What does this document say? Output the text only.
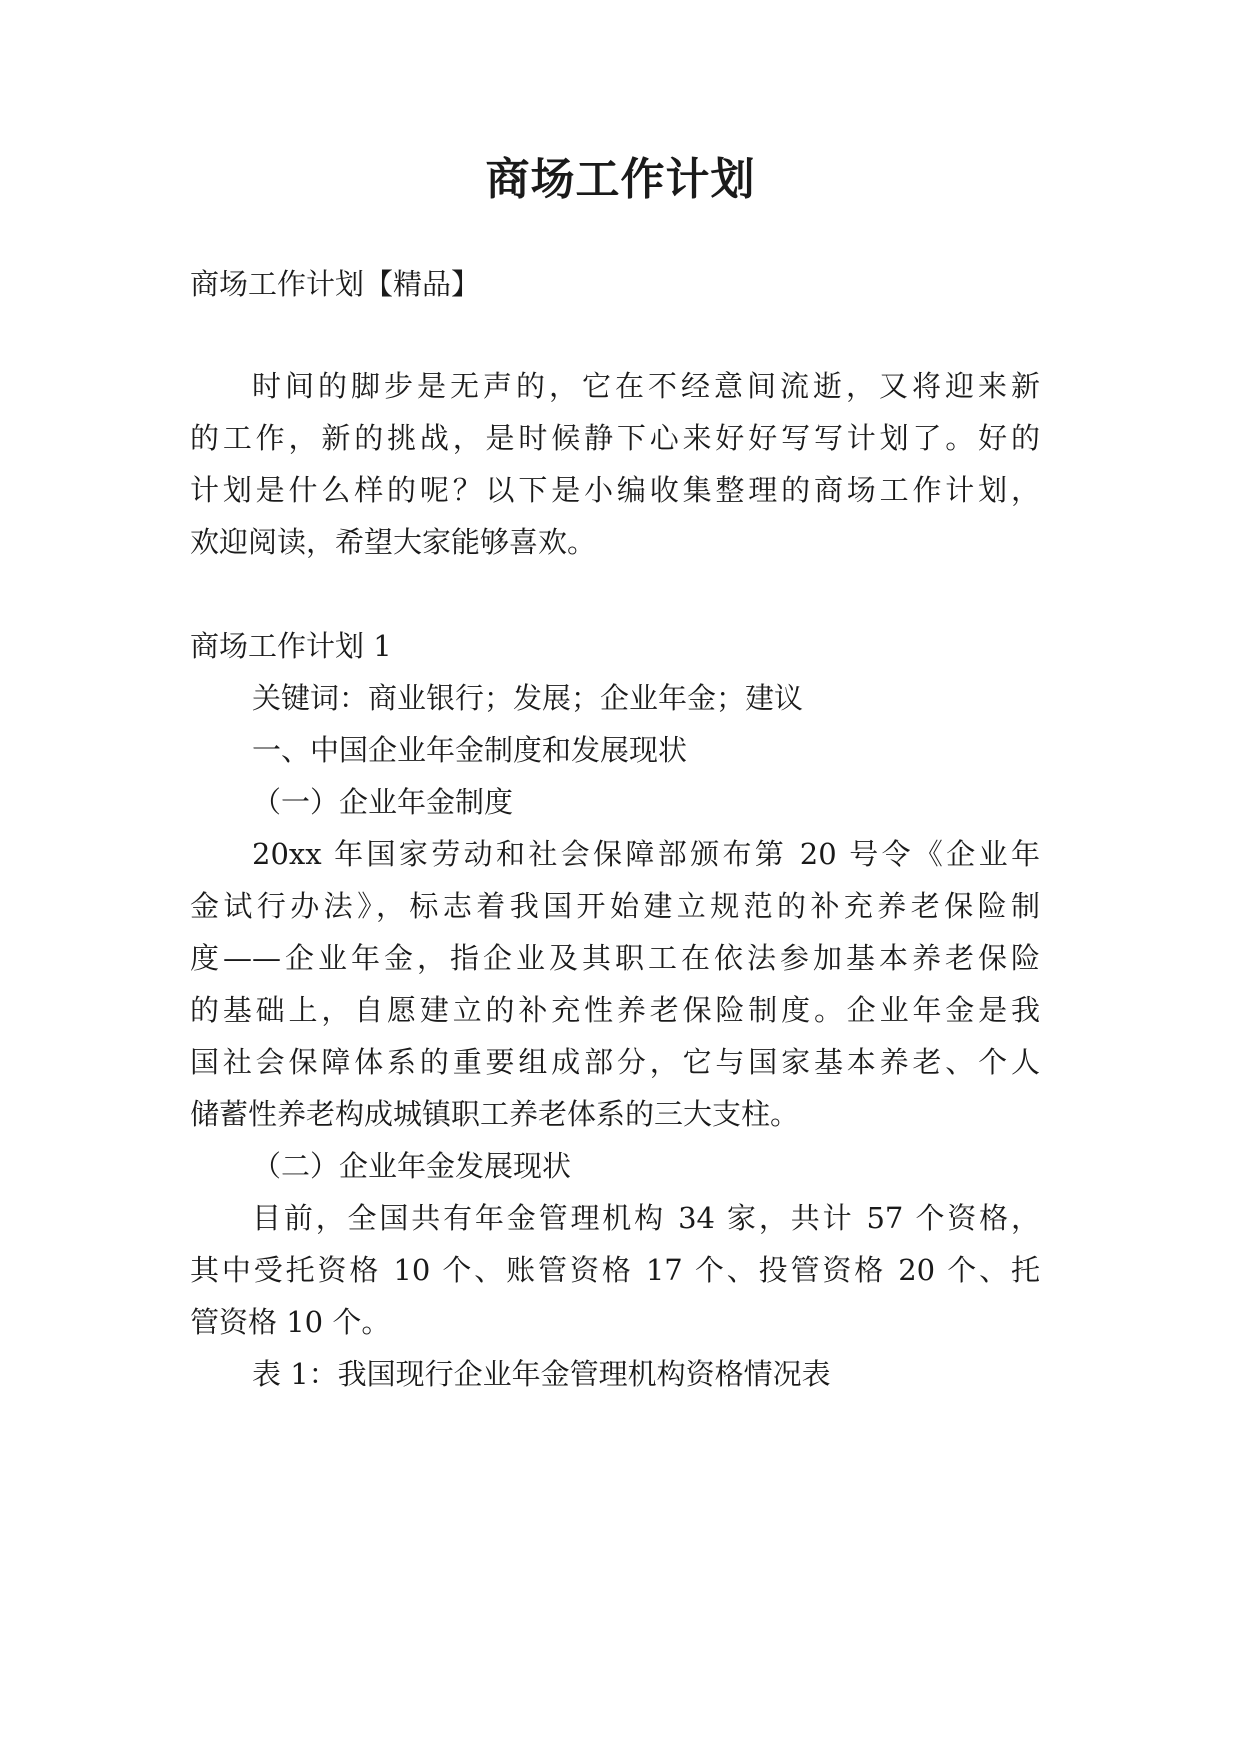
商场工作计划
商场工作计划【精品】
时间的脚步是无声的，它在不经意间流逝，又将迎来新
的工作，新的挑战，是时候静下心来好好写写计划了。好的
计划是什么样的呢？以下是小编收集整理的商场工作计划，
欢迎阅读，希望大家能够喜欢。
商场工作计划 1
关键词：商业银行；发展；企业年金；建议
一、中国企业年金制度和发展现状
（一）企业年金制度
20xx 年国家劳动和社会保障部颁布第 20 号令《企业年
金试行办法》，标志着我国开始建立规范的补充养老保险制
度——企业年金，指企业及其职工在依法参加基本养老保险
的基础上，自愿建立的补充性养老保险制度。企业年金是我
国社会保障体系的重要组成部分，它与国家基本养老、个人
储蓄性养老构成城镇职工养老体系的三大支柱。
（二）企业年金发展现状
目前，全国共有年金管理机构 34 家，共计 57 个资格，
其中受托资格 10 个、账管资格 17 个、投管资格 20 个、托
管资格 10 个。
表 1：我国现行企业年金管理机构资格情况表
